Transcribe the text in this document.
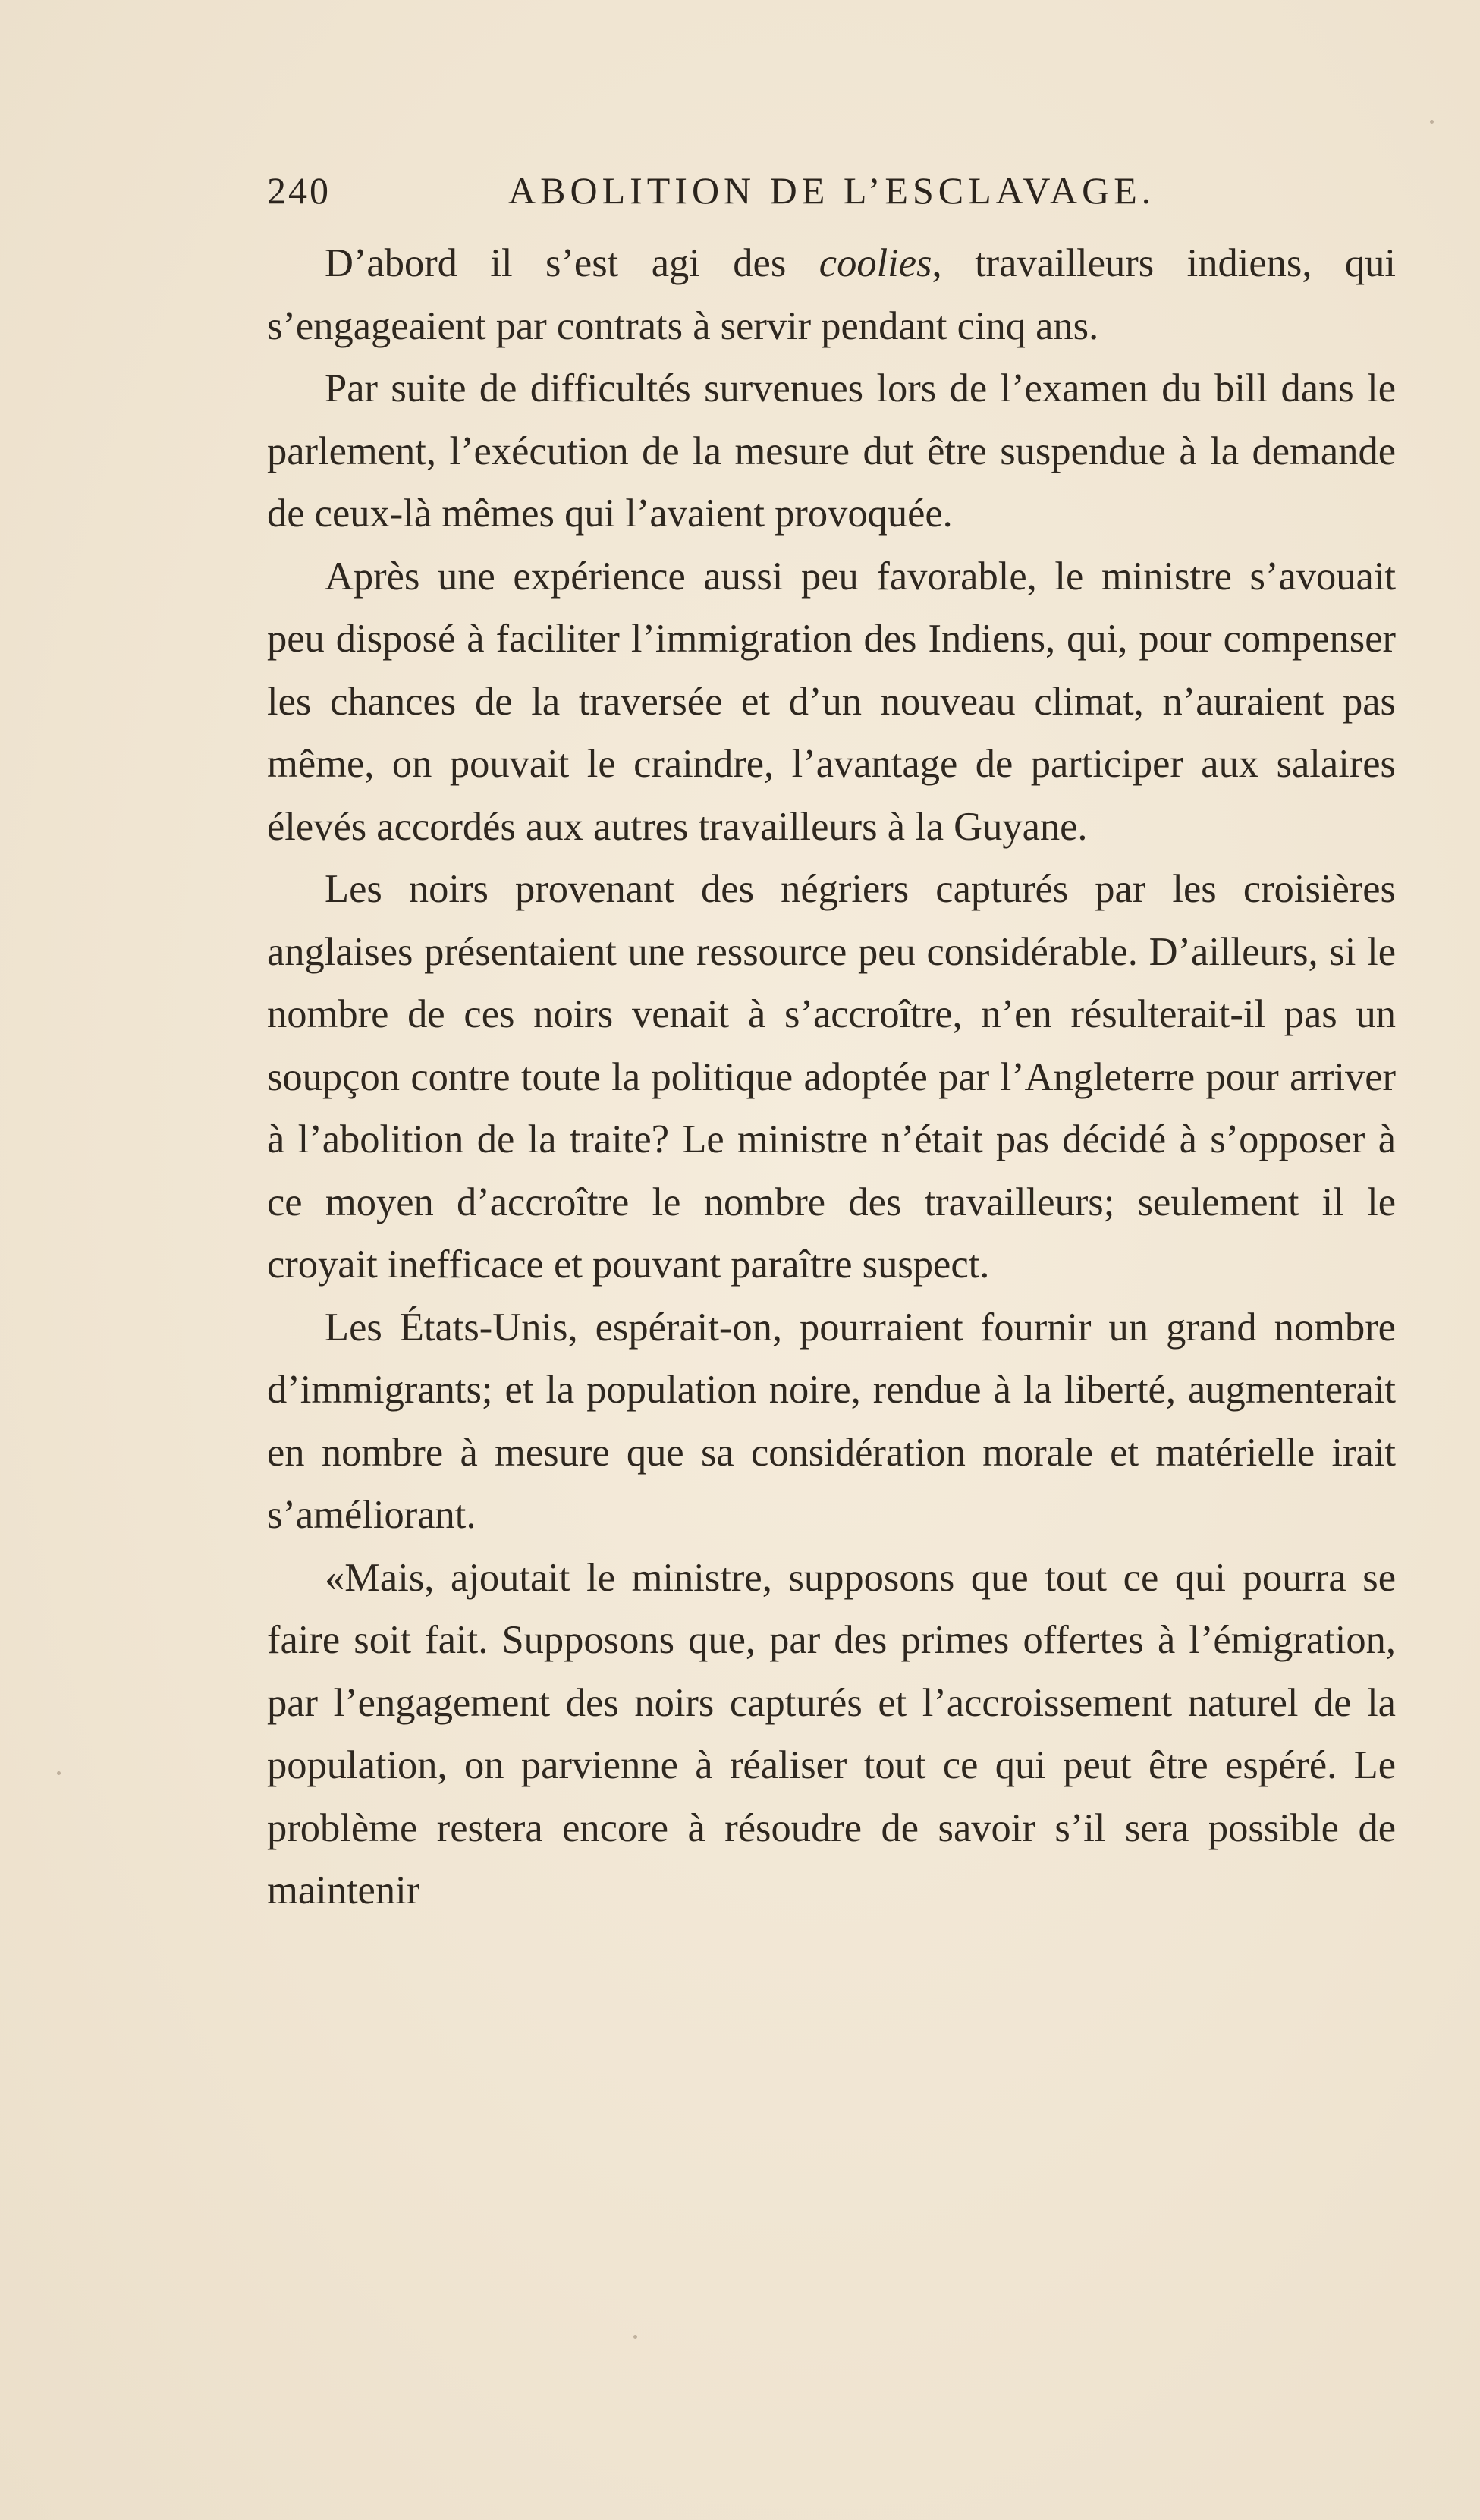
240	ABOLITION DE L’ESCLAVAGE.

D’abord il s’est agi des coolies, travailleurs indiens, qui s’engageaient par contrats à servir pendant cinq ans.

Par suite de difficultés survenues lors de l’examen du bill dans le parlement, l’exécution de la mesure dut être suspendue à la demande de ceux-là mêmes qui l’avaient provoquée.

Après une expérience aussi peu favorable, le ministre s’avouait peu disposé à faciliter l’immigration des Indiens, qui, pour compenser les chances de la traversée et d’un nouveau climat, n’auraient pas même, on pouvait le craindre, l’avantage de participer aux salaires élevés accordés aux autres travailleurs à la Guyane.

Les noirs provenant des négriers capturés par les croisières anglaises présentaient une ressource peu considérable. D’ailleurs, si le nombre de ces noirs venait à s’accroître, n’en résulterait-il pas un soupçon contre toute la politique adoptée par l’Angleterre pour arriver à l’abolition de la traite? Le ministre n’était pas décidé à s’opposer à ce moyen d’accroître le nombre des travailleurs; seulement il le croyait inefficace et pouvant paraître suspect.

Les États-Unis, espérait-on, pourraient fournir un grand nombre d’immigrants; et la population noire, rendue à la liberté, augmenterait en nombre à mesure que sa considération morale et matérielle irait s’améliorant.

«Mais, ajoutait le ministre, supposons que tout ce qui pourra se faire soit fait. Supposons que, par des primes offertes à l’émigration, par l’engagement des noirs capturés et l’accroissement naturel de la population, on parvienne à réaliser tout ce qui peut être espéré. Le problème restera encore à résoudre de savoir s’il sera possible de maintenir
